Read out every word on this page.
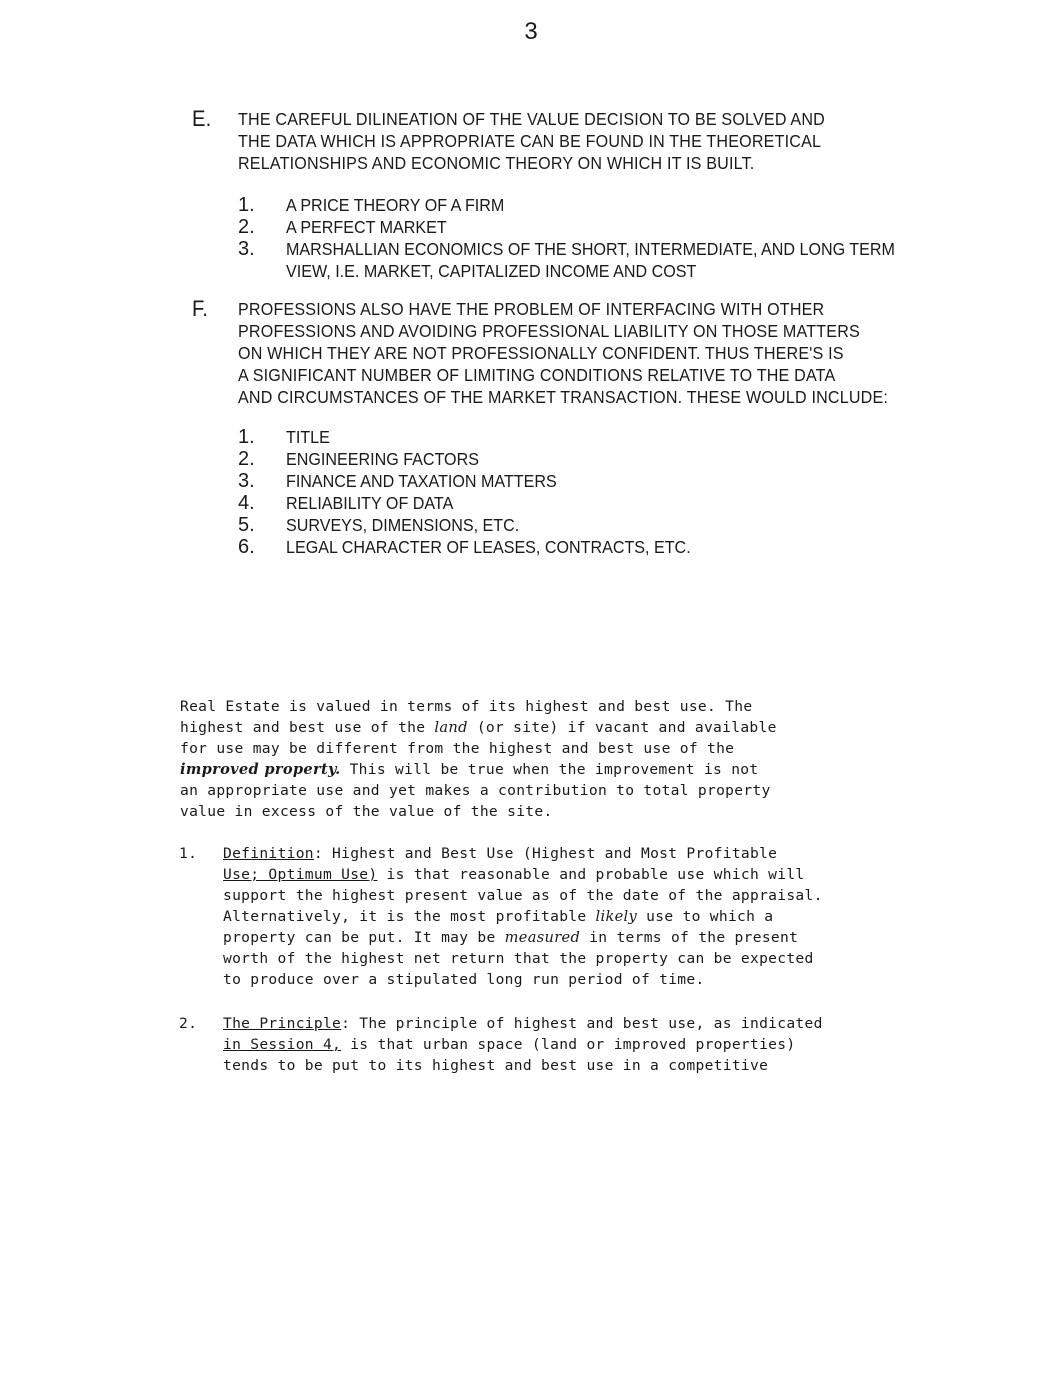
3
E. THE CAREFUL DILINEATION OF THE VALUE DECISION TO BE SOLVED AND

THE DATA WHICH IS APPROPRIATE CAN BE FOUND IN THE THEORETICAL

RELATIONSHIPS AND ECONOMIC THEORY ON WHICH IT IS BUILT.

1.	A PRICE THEORY OF A FIRM
2.	A PERFECT MARKET
3.	MARSHALLIAN ECONOMICS OF THE SHORT, INTERMEDIATE, AND LONG TERM VIEW, I.E. MARKET, CAPITALIZED INCOME AND COST
F. PROFESSIONS ALSO HAVE THE PROBLEM OF INTERFACING WITH OTHER

PROFESSIONS AND AVOIDING PROFESSIONAL LIABILITY ON THOSE MATTERS

ON WHICH THEY ARE NOT PROFESSIONALLY CONFIDENT. THUS THERE'S IS

A SIGNIFICANT NUMBER OF LIMITING CONDITIONS RELATIVE TO THE DATA

AND CIRCUMSTANCES OF THE MARKET TRANSACTION. THESE WOULD INCLUDE:

1.	TITLE
2.	ENGINEERING FACTORS
3.	FINANCE AND TAXATION MATTERS
4.	RELIABILITY OF DATA
5.	SURVEYS, DIMENSIONS, ETC.
6.	LEGAL CHARACTER OF LEASES, CONTRACTS, ETC.

Real Estate is valued in terms of its highest and best use. The

highest and best use of the land (or site) if vacant and available

for use may be different from the highest and best use of the

improved property. This will be true when the improvement is not

an appropriate use and yet makes a contribution to total property

value in excess of the value of the site.

1. Definition: Highest and Best Use (Highest and Most Profitable

Use; Optimum Use) is that reasonable and probable use which will

support the highest present value as of the date of the appraisal.

Alternatively, it is the most profitable likely use to which a

property can be put. It may be measured in terms of the present

worth of the highest net return that the property can be expected

to produce over a stipulated long run period of time.

2. The Principle: The principle of highest and best use, as indicated

in Session 4, is that urban space (land or improved properties)

tends to be put to its highest and best use in a competitive
